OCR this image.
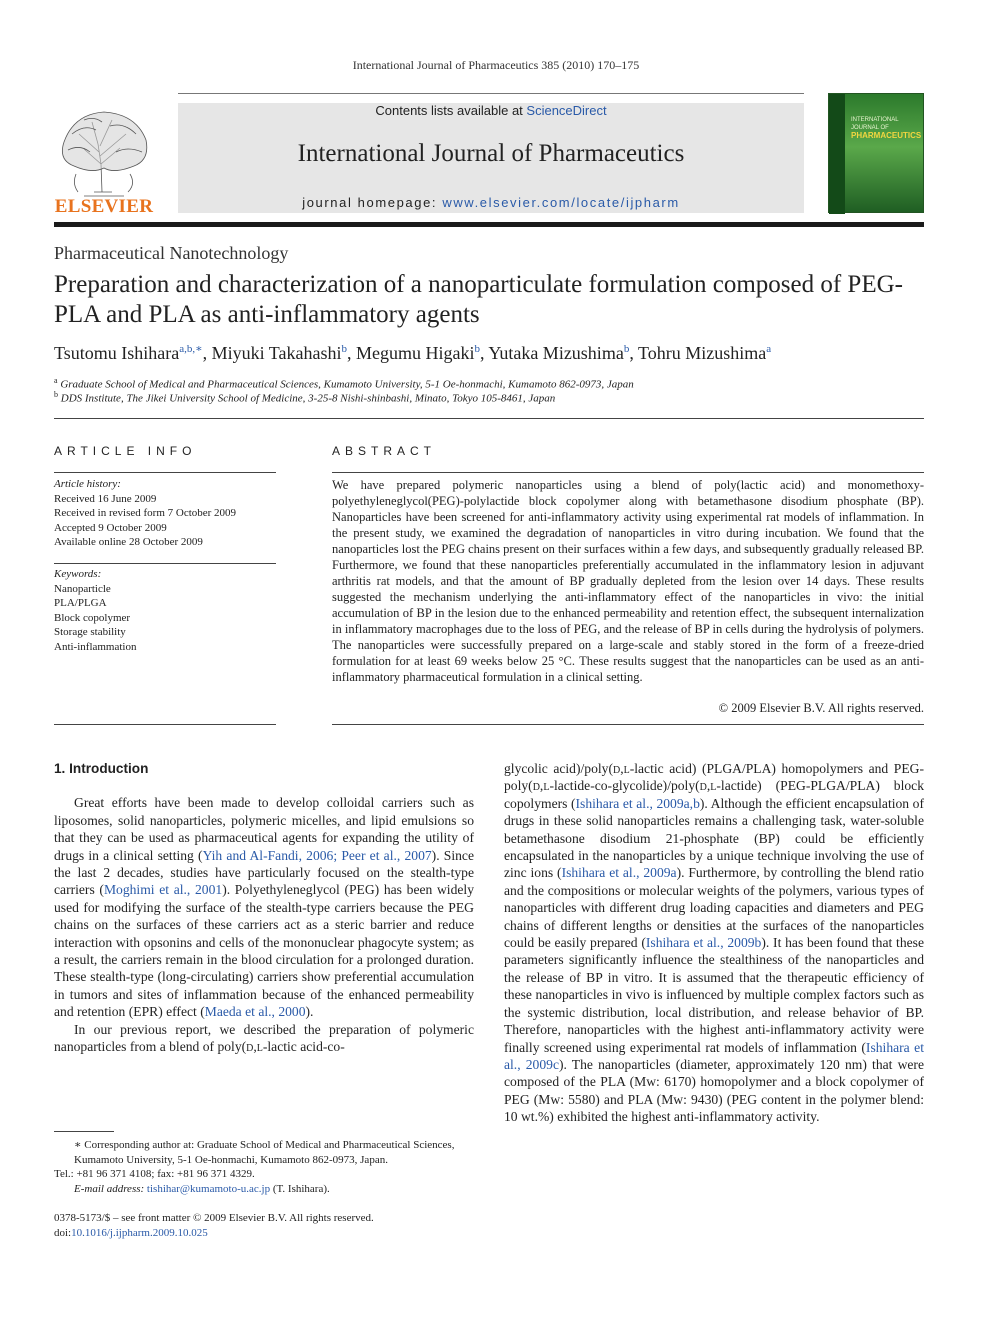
International Journal of Pharmaceutics 385 (2010) 170–175
ELSEVIER
Contents lists available at ScienceDirect
International Journal of Pharmaceutics
journal homepage: www.elsevier.com/locate/ijpharm
INTERNATIONAL JOURNAL OF
PHARMACEUTICS
Pharmaceutical Nanotechnology
Preparation and characterization of a nanoparticulate formulation composed of PEG-PLA and PLA as anti-inflammatory agents
Tsutomu Ishihara$^{a,b,∗}$, Miyuki Takahashi$^b$, Megumu Higaki$^b$, Yutaka Mizushima$^b$, Tohru Mizushima$^a$
$^a$ Graduate School of Medical and Pharmaceutical Sciences, Kumamoto University, 5-1 Oe-honmachi, Kumamoto 862-0973, Japan
$^b$ DDS Institute, The Jikei University School of Medicine, 3-25-8 Nishi-shinbashi, Minato, Tokyo 105-8461, Japan
ARTICLE INFO	ABSTRACT
Article history:
Received 16 June 2009
Received in revised form 7 October 2009
Accepted 9 October 2009
Available online 28 October 2009
Keywords:
Nanoparticle
PLA/PLGA
Block copolymer
Storage stability
Anti-inflammation
We have prepared polymeric nanoparticles using a blend of poly(lactic acid) and monomethoxy-polyethyleneglycol(PEG)-polylactide block copolymer along with betamethasone disodium phosphate (BP). Nanoparticles have been screened for anti-inflammatory activity using experimental rat models of inflammation. In the present study, we examined the degradation of nanoparticles in vitro during incubation. We found that the nanoparticles lost the PEG chains present on their surfaces within a few days, and subsequently gradually released BP. Furthermore, we found that these nanoparticles preferentially accumulated in the inflammatory lesion in adjuvant arthritis rat models, and that the amount of BP gradually depleted from the lesion over 14 days. These results suggested the mechanism underlying the anti-inflammatory effect of the nanoparticles in vivo: the initial accumulation of BP in the lesion due to the enhanced permeability and retention effect, the subsequent internalization in inflammatory macrophages due to the loss of PEG, and the release of BP in cells during the hydrolysis of polymers. The nanoparticles were successfully prepared on a large-scale and stably stored in the form of a freeze-dried formulation for at least 69 weeks below 25 °C. These results suggest that the nanoparticles can be used as an anti-inflammatory pharmaceutical formulation in a clinical setting.
© 2009 Elsevier B.V. All rights reserved.
1. Introduction
Great efforts have been made to develop colloidal carriers such as liposomes, solid nanoparticles, polymeric micelles, and lipid emulsions so that they can be used as pharmaceutical agents for expanding the utility of drugs in a clinical setting (Yih and Al-Fandi, 2006; Peer et al., 2007). Since the last 2 decades, studies have particularly focused on the stealth-type carriers (Moghimi et al., 2001). Polyethyleneglycol (PEG) has been widely used for modifying the surface of the stealth-type carriers because the PEG chains on the surfaces of these carriers act as a steric barrier and reduce interaction with opsonins and cells of the mononuclear phagocyte system; as a result, the carriers remain in the blood circulation for a prolonged duration. These stealth-type (long-circulating) carriers show preferential accumulation in tumors and sites of inflammation because of the enhanced permeability and retention (EPR) effect (Maeda et al., 2000).
In our previous report, we described the preparation of polymeric nanoparticles from a blend of poly(d,l-lactic acid-co-
glycolic acid)/poly(d,l-lactic acid) (PLGA/PLA) homopolymers and PEG-poly(d,l-lactide-co-glycolide)/poly(d,l-lactide) (PEG-PLGA/PLA) block copolymers (Ishihara et al., 2009a,b). Although the efficient encapsulation of drugs in these solid nanoparticles remains a challenging task, water-soluble betamethasone disodium 21-phosphate (BP) could be efficiently encapsulated in the nanoparticles by a unique technique involving the use of zinc ions (Ishihara et al., 2009a). Furthermore, by controlling the blend ratio and the compositions or molecular weights of the polymers, various types of nanoparticles with different drug loading capacities and diameters and PEG chains of different lengths or densities at the surfaces of the nanoparticles could be easily prepared (Ishihara et al., 2009b). It has been found that these parameters significantly influence the stealthiness of the nanoparticles and the release of BP in vitro. It is assumed that the therapeutic efficiency of these nanoparticles in vivo is influenced by multiple complex factors such as the systemic distribution, local distribution, and release behavior of BP. Therefore, nanoparticles with the highest anti-inflammatory activity were finally screened using experimental rat models of inflammation (Ishihara et al., 2009c). The nanoparticles (diameter, approximately 120 nm) that were composed of the PLA (Mw: 6170) homopolymer and a block copolymer of PEG (Mw: 5580) and PLA (Mw: 9430) (PEG content in the polymer blend: 10 wt.%) exhibited the highest anti-inflammatory activity.
∗ Corresponding author at: Graduate School of Medical and Pharmaceutical Sciences, Kumamoto University, 5-1 Oe-honmachi, Kumamoto 862-0973, Japan.
Tel.: +81 96 371 4108; fax: +81 96 371 4329.
E-mail address: tishihar@kumamoto-u.ac.jp (T. Ishihara).
0378-5173/$ – see front matter © 2009 Elsevier B.V. All rights reserved.
doi:10.1016/j.ijpharm.2009.10.025
